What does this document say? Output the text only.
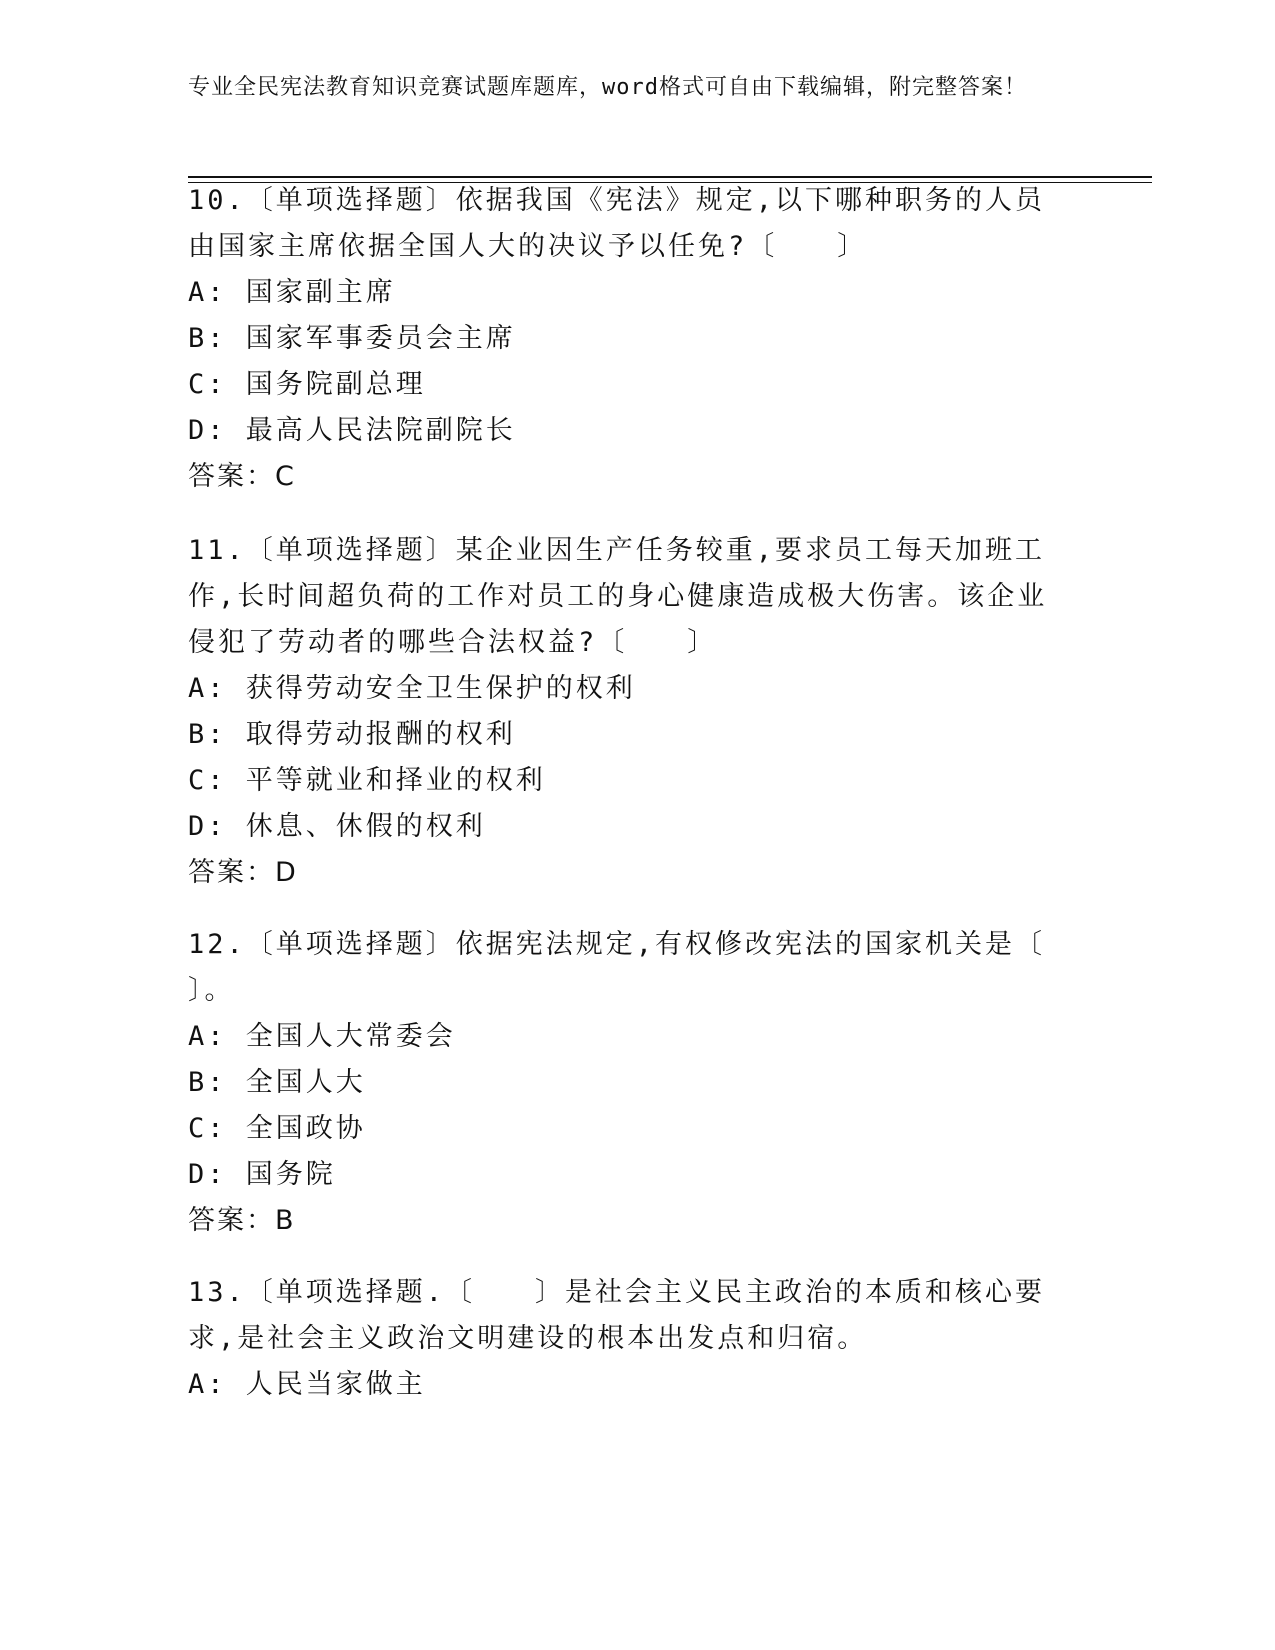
专业全民宪法教育知识竞赛试题库题库，word格式可自由下载编辑，附完整答案！

10.〔单项选择题〕依据我国《宪法》规定,以下哪种职务的人员由国家主席依据全国人大的决议予以任免?〔　　〕

A: 国家副主席

B: 国家军事委员会主席

C: 国务院副总理

D: 最高人民法院副院长

答案：C

11.〔单项选择题〕某企业因生产任务较重,要求员工每天加班工作,长时间超负荷的工作对员工的身心健康造成极大伤害。该企业侵犯了劳动者的哪些合法权益?〔　　〕

A: 获得劳动安全卫生保护的权利

B: 取得劳动报酬的权利

C: 平等就业和择业的权利

D: 休息、休假的权利

答案：D

12.〔单项选择题〕依据宪法规定,有权修改宪法的国家机关是〔　　〕。

A: 全国人大常委会

B: 全国人大

C: 全国政协

D: 国务院

答案：B

13.〔单项选择题.〔　　〕是社会主义民主政治的本质和核心要求,是社会主义政治文明建设的根本出发点和归宿。

A: 人民当家做主
